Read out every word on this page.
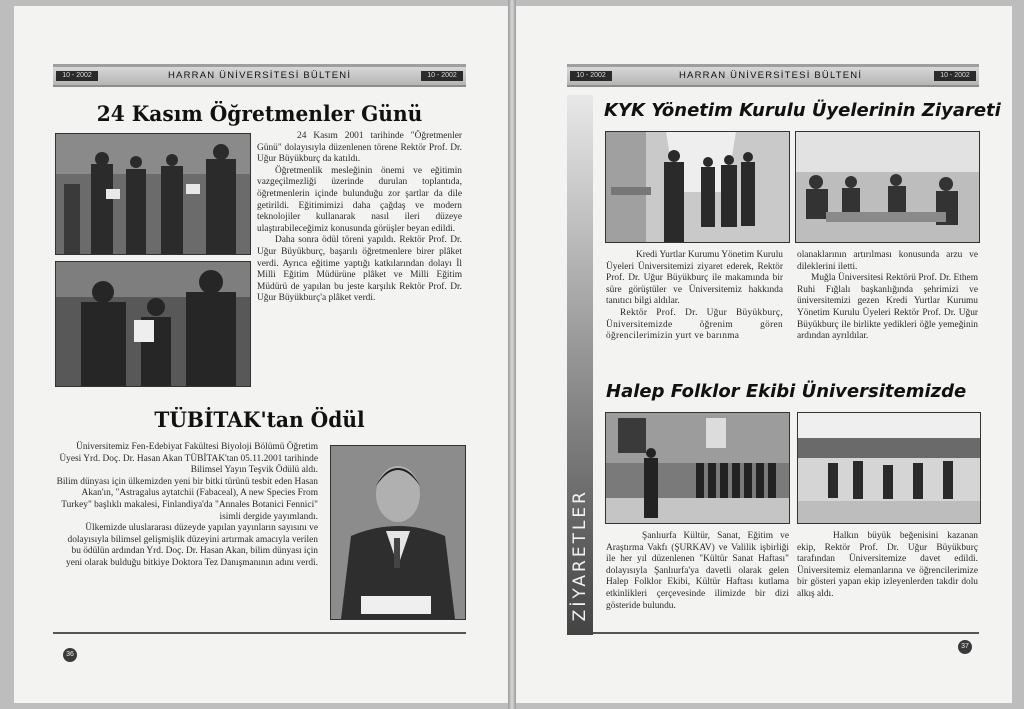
10 - 2002	HARRAN ÜNİVERSİTESİ BÜLTENİ	10 - 2002
24 Kasım Öğretmenler Günü

24 Kasım 2001 tarihinde "Öğretmenler Günü" dolayısıyla düzenlenen törene Rektör Prof. Dr. Uğur Büyükburç da katıldı.

Öğretmenlik mesleğinin önemi ve eğitimin vazgeçilmezliği üzerinde durulan toplantıda, öğretmenlerin içinde bulunduğu zor şartlar da dile getirildi. Eğitimimizi daha çağdaş ve modern teknolojiler kullanarak nasıl ileri düzeye ulaştırabileceğimiz konusunda görüşler beyan edildi.

Daha sonra ödül töreni yapıldı. Rektör Prof. Dr. Uğur Büyükburç, başarılı öğretmenlere birer plâket verdi. Ayrıca eğitime yaptığı katkılarından dolayı İl Milli Eğitim Müdürüne plâket ve Milli Eğitim Müdürü de yapılan bu jeste karşılık Rektör Prof. Dr. Uğur Büyükburç'a plâket verdi.

TÜBİTAK'tan Ödül

Üniversitemiz Fen-Edebiyat Fakültesi Biyoloji Bölümü Öğretim Üyesi Yrd. Doç. Dr. Hasan Akan TÜBİTAK'tan 05.11.2001 tarihinde Bilimsel Yayın Teşvik Ödülü aldı.

Bilim dünyası için ülkemizden yeni bir bitki türünü tesbit eden Hasan Akan'ın, "Astragalus aytatchii (Fabaceal), A new Species From Turkey" başlıklı makalesi, Finlandiya'da "Annales Botanici Fennici" isimli dergide yayımlandı.

Ülkemizde uluslararası düzeyde yapılan yayınların sayısını ve dolayısıyla bilimsel gelişmişlik düzeyini artırmak amacıyla verilen bu ödülün ardından Yrd. Doç. Dr. Hasan Akan, bilim dünyası için yeni olarak bulduğu bitkiye Doktora Tez Danışmanının adını verdi.

36
10 - 2002	HARRAN ÜNİVERSİTESİ BÜLTENİ	10 - 2002
ZİYARETLER
KYK Yönetim Kurulu Üyelerinin Ziyareti

Kredi Yurtlar Kurumu Yönetim Kurulu Üyeleri Üniversitemizi ziyaret ederek, Rektör Prof. Dr. Uğur Büyükburç ile makamında bir süre görüştüler ve Üniversitemiz hakkında tanıtıcı bilgi aldılar.

Rektör Prof. Dr. Uğur Büyükburç, Üniversitemizde öğrenim gören öğrencilerimizin yurt ve barınma

olanaklarının artırılması konusunda arzu ve dileklerini iletti.

Muğla Üniversitesi Rektörü Prof. Dr. Ethem Ruhi Fığlalı başkanlığında şehrimizi ve üniversitemizi gezen Kredi Yurtlar Kurumu Yönetim Kurulu Üyeleri Rektör Prof. Dr. Uğur Büyükburç ile birlikte yedikleri öğle yemeğinin ardından ayrıldılar.

Halep Folklor Ekibi Üniversitemizde

Şanlıurfa Kültür, Sanat, Eğitim ve Araştırma Vakfı (ŞURKAV) ve Valilik işbirliği ile her yıl düzenlenen "Kültür Sanat Haftası" dolayısıyla Şanlıurfa'ya davetli olarak gelen Halep Folklor Ekibi, Kültür Haftası kutlama etkinlikleri çerçevesinde ilimizde bir dizi gösteride bulundu.

Halkın büyük beğenisini kazanan ekip, Rektör Prof. Dr. Uğur Büyükburç tarafından Üniversitemize davet edildi. Üniversitemiz elemanlarına ve öğrencilerimize bir gösteri yapan ekip izleyenlerden takdir dolu alkış aldı.

37
